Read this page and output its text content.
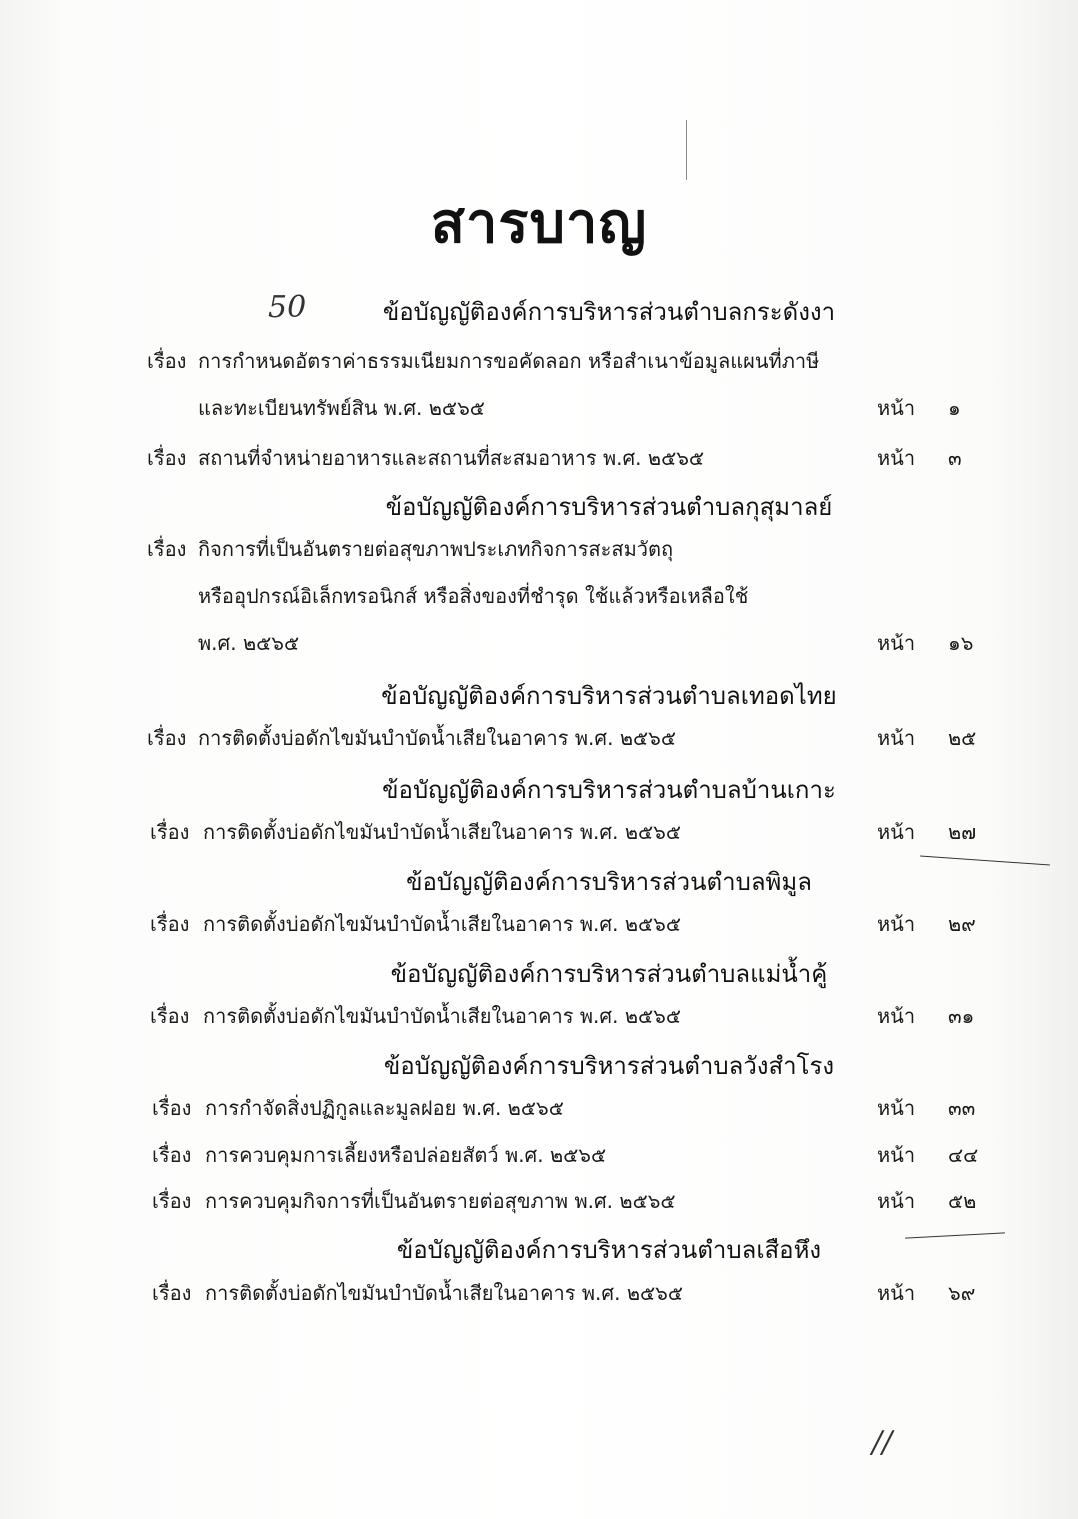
สารบาญ
50
//
ข้อบัญญัติองค์การบริหารส่วนตำบลกระดังงา
เรื่อง การกำหนดอัตราค่าธรรมเนียมการขอคัดลอก หรือสำเนาข้อมูลแผนที่ภาษี
และทะเบียนทรัพย์สิน พ.ศ. ๒๕๖๕	หน้า ๑
เรื่อง สถานที่จำหน่ายอาหารและสถานที่สะสมอาหาร พ.ศ. ๒๕๖๕	หน้า ๓
ข้อบัญญัติองค์การบริหารส่วนตำบลกุสุมาลย์
เรื่อง กิจการที่เป็นอันตรายต่อสุขภาพประเภทกิจการสะสมวัตถุ
หรืออุปกรณ์อิเล็กทรอนิกส์ หรือสิ่งของที่ชำรุด ใช้แล้วหรือเหลือใช้
พ.ศ. ๒๕๖๕	หน้า ๑๖
ข้อบัญญัติองค์การบริหารส่วนตำบลเทอดไทย
เรื่อง การติดตั้งบ่อดักไขมันบำบัดน้ำเสียในอาคาร พ.ศ. ๒๕๖๕	หน้า ๒๕
ข้อบัญญัติองค์การบริหารส่วนตำบลบ้านเกาะ
เรื่อง การติดตั้งบ่อดักไขมันบำบัดน้ำเสียในอาคาร พ.ศ. ๒๕๖๕	หน้า ๒๗
ข้อบัญญัติองค์การบริหารส่วนตำบลพิมูล
เรื่อง การติดตั้งบ่อดักไขมันบำบัดน้ำเสียในอาคาร พ.ศ. ๒๕๖๕	หน้า ๒๙
ข้อบัญญัติองค์การบริหารส่วนตำบลแม่น้ำคู้
เรื่อง การติดตั้งบ่อดักไขมันบำบัดน้ำเสียในอาคาร พ.ศ. ๒๕๖๕	หน้า ๓๑
ข้อบัญญัติองค์การบริหารส่วนตำบลวังสำโรง
เรื่อง การกำจัดสิ่งปฏิกูลและมูลฝอย พ.ศ. ๒๕๖๕	หน้า ๓๓
เรื่อง การควบคุมการเลี้ยงหรือปล่อยสัตว์ พ.ศ. ๒๕๖๕	หน้า ๔๔
เรื่อง การควบคุมกิจการที่เป็นอันตรายต่อสุขภาพ พ.ศ. ๒๕๖๕	หน้า ๕๒
ข้อบัญญัติองค์การบริหารส่วนตำบลเสือหึง
เรื่อง การติดตั้งบ่อดักไขมันบำบัดน้ำเสียในอาคาร พ.ศ. ๒๕๖๕	หน้า ๖๙
